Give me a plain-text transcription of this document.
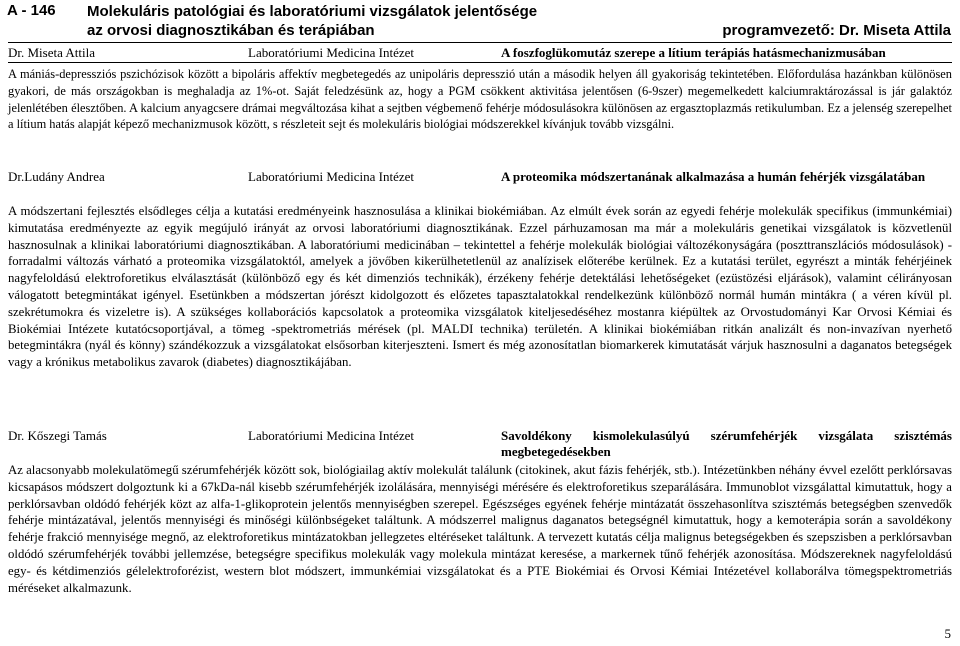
A - 146 Molekuláris patológiai és laboratóriumi vizsgálatok jelentősége
az orvosi diagnosztikában és terápiában	programvezető: Dr. Miseta Attila
Dr. Miseta Attila	Laboratóriumi Medicina Intézet	A foszfoglükomutáz szerepe a lítium terápiás hatásmechanizmusában
A mániás-depressziós pszichózisok között a bipoláris affektív megbetegedés az unipoláris depresszió után a második helyen áll gyakoriság tekintetében. Előfordulása hazánkban különösen gyakori, de más országokban is meghaladja az 1%-ot. Saját feledzésünk az, hogy a PGM csökkent aktivitása jelentősen (6-9szer) megemelkedett kalciumraktározással is jár galaktóz jelenlétében élesztőben. A kalcium anyagcsere drámai megváltozása kihat a sejtben végbemenő fehérje módosulásokra különösen az ergasztoplazmás retikulumban. Ez a jelenség szerepelhet a lítium hatás alapját képező mechanizmusok között, s részleteit sejt és molekuláris biológiai módszerekkel kívánjuk tovább vizsgálni.
Dr.Ludány Andrea	Laboratóriumi Medicina Intézet	A proteomika módszertanának alkalmazása a humán fehérjék vizsgálatában
A módszertani fejlesztés elsődleges célja a kutatási eredményeink hasznosulása a klinikai biokémiában. Az elmúlt évek során az egyedi fehérje molekulák specifikus (immunkémiai) kimutatása eredményezte az egyik megújuló irányát az orvosi laboratóriumi diagnosztikának. Ezzel párhuzamosan ma már a molekuláris genetikai vizsgálatok is közvetlenül hasznosulnak a klinikai laboratóriumi diagnosztikában. A laboratóriumi medicinában – tekintettel a fehérje molekulák biológiai változékonyságára (poszttranszlációs módosulások) - forradalmi változás várható a proteomika vizsgálatoktól, amelyek a jövőben kikerülhetetlenül az analízisek előterébe kerülnek. Ez a kutatási terület, egyrészt a minták fehérjéinek nagyfeloldású elektroforetikus elválasztását (különböző egy és két dimenziós technikák), érzékeny fehérje detektálási lehetőségeket (ezüstözési eljárások), valamint célirányosan válogatott betegmintákat igényel. Esetünkben a módszertan jórészt kidolgozott és előzetes tapasztalatokkal rendelkezünk különböző normál humán mintákra ( a véren kívül pl. szekrétumokra és vizeletre is). A szükséges kollaborációs kapcsolatok a proteomika vizsgálatok kiteljesedéséhez mostanra kiépültek az Orvostudományi Kar Orvosi Kémiai és Biokémiai Intézete kutatócsoportjával, a tömeg -spektrometriás mérések (pl. MALDI technika) területén. A klinikai biokémiában ritkán analizált és non-invazívan nyerhető betegmintákra (nyál és könny) szándékozzuk a vizsgálatokat elsősorban kiterjeszteni. Ismert és még azonosítatlan biomarkerek kimutatását várjuk hasznosulni a daganatos betegségek vagy a krónikus metabolikus zavarok (diabetes) diagnosztikájában.
Dr. Kőszegi Tamás	Laboratóriumi Medicina Intézet	Savoldékony kismolekulasúlyú szérumfehérjék vizsgálata szisztémás megbetegedésekben
Az alacsonyabb molekulatömegű szérumfehérjék között sok, biológiailag aktív molekulát találunk (citokinek, akut fázis fehérjék, stb.). Intézetünkben néhány évvel ezelőtt perklórsavas kicsapásos módszert dolgoztunk ki a 67kDa-nál kisebb szérumfehérjék izolálására, mennyiségi mérésére és elektroforetikus szeparálására. Immunoblot vizsgálattal kimutattuk, hogy a perklórsavban oldódó fehérjék közt az alfa-1-glikoprotein jelentős mennyiségben szerepel. Egészséges egyének fehérje mintázatát összehasonlítva szisztémás betegségben szenvedők fehérje mintázatával, jelentős mennyiségi és minőségi különbségeket találtunk. A módszerrel malignus daganatos betegségnél kimutattuk, hogy a kemoterápia során a savoldékony fehérje frakció mennyisége megnő, az elektroforetikus mintázatokban jellegzetes eltéréseket találtunk. A tervezett kutatás célja malignus betegségekben és szepszisben a perklórsavban oldódó szérumfehérjék további jellemzése, betegségre specifikus molekulák vagy molekula mintázat keresése, a markernek tűnő fehérjék azonosítása. Módszereknek nagyfeloldású egy- és kétdimenziós gélelektroforézist, western blot módszert, immunkémiai vizsgálatokat és a PTE Biokémiai és Orvosi Kémiai Intézetével kollaborálva tömegspektrometriás méréseket alkalmazunk.
5
